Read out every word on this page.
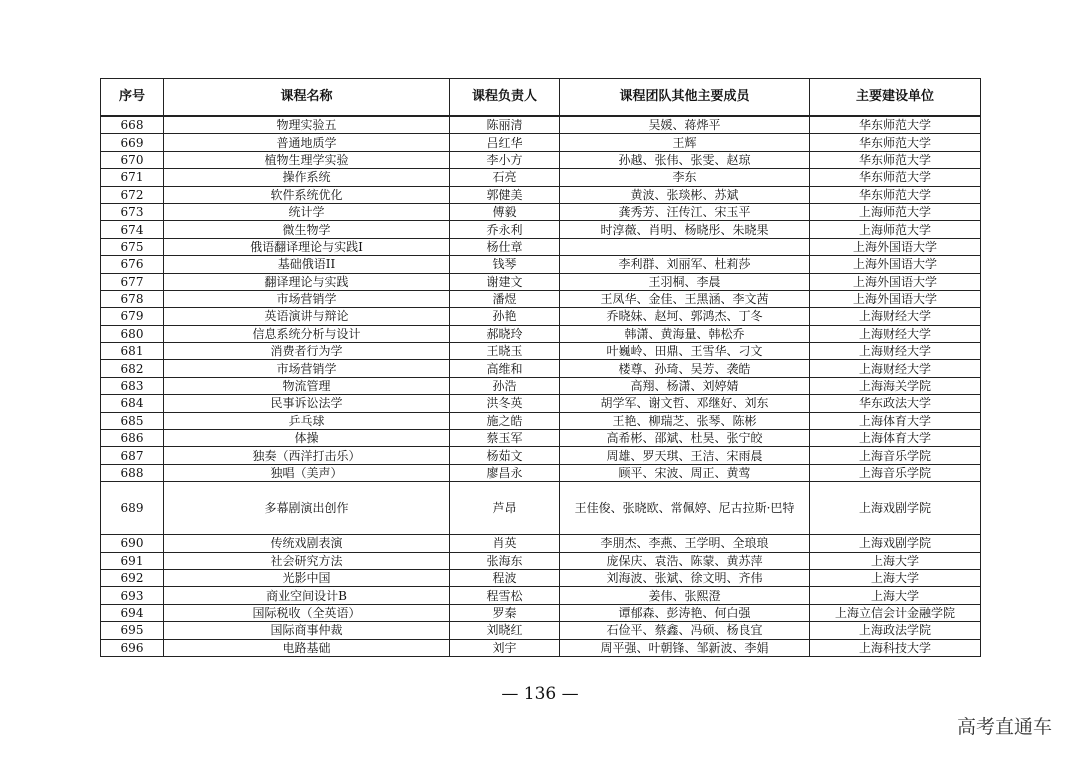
序号	课程名称	课程负责人	课程团队其他主要成员	主要建设单位
668	物理实验五	陈丽清	吴媛、蒋烨平	华东师范大学
669	普通地质学	吕红华	王辉	华东师范大学
670	植物生理学实验	李小方	孙越、张伟、张雯、赵琼	华东师范大学
671	操作系统	石亮	李东	华东师范大学
672	软件系统优化	郭健美	黄波、张琰彬、苏斌	华东师范大学
673	统计学	傅毅	龚秀芳、汪传江、宋玉平	上海师范大学
674	微生物学	乔永利	时淳薇、肖明、杨晓彤、朱晓果	上海师范大学
675	俄语翻译理论与实践I	杨仕章		上海外国语大学
676	基础俄语II	钱琴	李利群、刘丽军、杜莉莎	上海外国语大学
677	翻译理论与实践	谢建文	王羽桐、李晨	上海外国语大学
678	市场营销学	潘煜	王凤华、金佳、王黑涵、李文茜	上海外国语大学
679	英语演讲与辩论	孙艳	乔晓妹、赵坷、郭鸿杰、丁冬	上海财经大学
680	信息系统分析与设计	郝晓玲	韩潇、黄海量、韩松乔	上海财经大学
681	消费者行为学	王晓玉	叶巍岭、田鼎、王雪华、刁文	上海财经大学
682	市场营销学	高维和	楼尊、孙琦、吴芳、袭皓	上海财经大学
683	物流管理	孙浩	高翔、杨潇、刘婷婧	上海海关学院
684	民事诉讼法学	洪冬英	胡学军、谢文哲、邓继好、刘东	华东政法大学
685	乒乓球	施之皓	王艳、柳瑞芝、张琴、陈彬	上海体育大学
686	体操	蔡玉军	高希彬、邵斌、杜昊、张宁皎	上海体育大学
687	独奏（西洋打击乐）	杨茹文	周雄、罗天琪、王洁、宋雨晨	上海音乐学院
688	独唱（美声）	廖昌永	顾平、宋波、周正、黄莺	上海音乐学院
689	多幕剧演出创作	芦昂	王佳俊、张晓欧、常佩婷、尼古拉斯·巴特	上海戏剧学院
690	传统戏剧表演	肖英	李朋杰、李燕、王学明、全琅琅	上海戏剧学院
691	社会研究方法	张海东	庞保庆、袁浩、陈蒙、黄苏萍	上海大学
692	光影中国	程波	刘海波、张斌、徐文明、齐伟	上海大学
693	商业空间设计B	程雪松	姜伟、张熙澄	上海大学
694	国际税收（全英语）	罗秦	谭郁森、彭涛艳、何白强	上海立信会计金融学院
695	国际商事仲裁	刘晓红	石俭平、蔡鑫、冯硕、杨良宜	上海政法学院
696	电路基础	刘宇	周平强、叶朝锋、邹新波、李娟	上海科技大学
— 136 —
高考直通车
